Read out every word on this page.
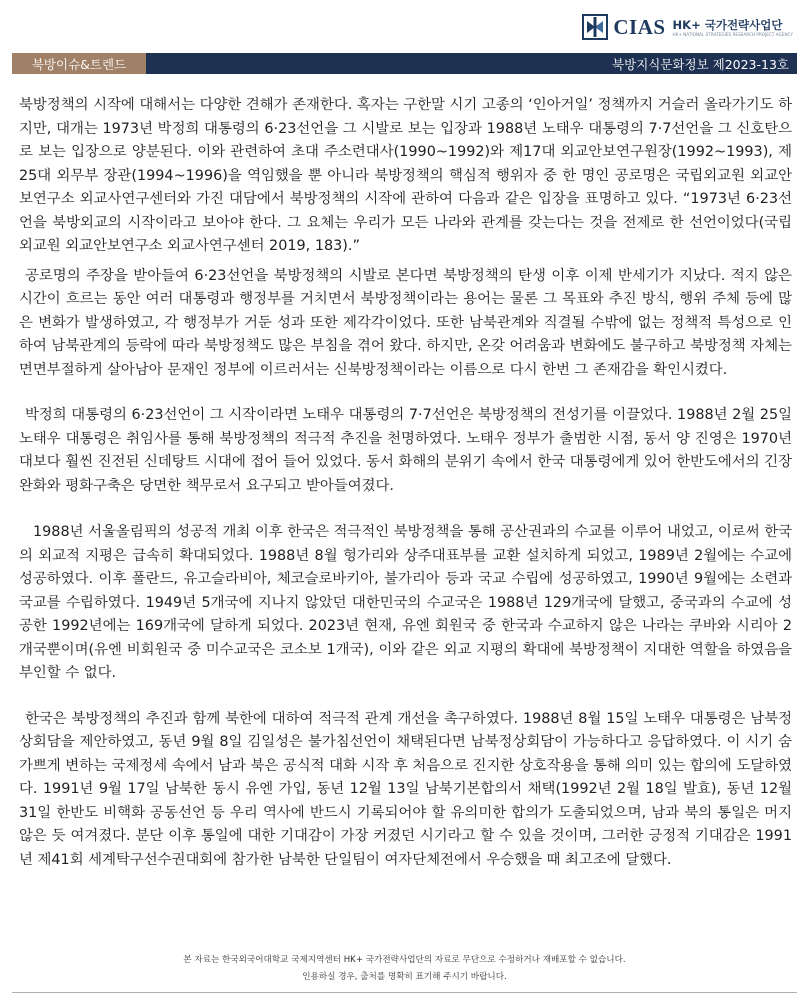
CIAS HK+ 국가전략사업단
HK+ NATIONAL STRATEGIES RESEARCH PROJECT AGENCY
북방이슈&트렌드	북방지식문화정보 제2023-13호

북방정책의 시작에 대해서는 다양한 견해가 존재한다. 혹자는 구한말 시기 고종의 ‘인아거일’ 정책까지 거슬러 올라가기도 하지만, 대개는 1973년 박정희 대통령의 6·23선언을 그 시발로 보는 입장과 1988년 노태우 대통령의 7·7선언을 그 신호탄으로 보는 입장으로 양분된다. 이와 관련하여 초대 주소련대사(1990~1992)와 제17대 외교안보연구원장(1992~1993), 제25대 외무부 장관(1994~1996)을 역임했을 뿐 아니라 북방정책의 핵심적 행위자 중 한 명인 공로명은 국립외교원 외교안보연구소 외교사연구센터와 가진 대담에서 북방정책의 시작에 관하여 다음과 같은 입장을 표명하고 있다. “1973년 6·23선언을 북방외교의 시작이라고 보아야 한다. 그 요체는 우리가 모든 나라와 관계를 갖는다는 것을 전제로 한 선언이었다(국립외교원 외교안보연구소 외교사연구센터 2019, 183).”

공로명의 주장을 받아들여 6·23선언을 북방정책의 시발로 본다면 북방정책의 탄생 이후 이제 반세기가 지났다. 적지 않은 시간이 흐르는 동안 여러 대통령과 행정부를 거치면서 북방정책이라는 용어는 물론 그 목표와 추진 방식, 행위 주체 등에 많은 변화가 발생하였고, 각 행정부가 거둔 성과 또한 제각각이었다. 또한 남북관계와 직결될 수밖에 없는 정책적 특성으로 인하여 남북관계의 등락에 따라 북방정책도 많은 부침을 겪어 왔다. 하지만, 온갖 어려움과 변화에도 불구하고 북방정책 자체는 면면부절하게 살아남아 문재인 정부에 이르러서는 신북방정책이라는 이름으로 다시 한번 그 존재감을 확인시켰다.

박정희 대통령의 6·23선언이 그 시작이라면 노태우 대통령의 7·7선언은 북방정책의 전성기를 이끌었다. 1988년 2월 25일 노태우 대통령은 취임사를 통해 북방정책의 적극적 추진을 천명하였다. 노태우 정부가 출범한 시점, 동서 양 진영은 1970년대보다 훨씬 진전된 신데탕트 시대에 접어 들어 있었다. 동서 화해의 분위기 속에서 한국 대통령에게 있어 한반도에서의 긴장 완화와 평화구축은 당면한 책무로서 요구되고 받아들여졌다.

1988년 서울올림픽의 성공적 개최 이후 한국은 적극적인 북방정책을 통해 공산권과의 수교를 이루어 내었고, 이로써 한국의 외교적 지평은 급속히 확대되었다. 1988년 8월 헝가리와 상주대표부를 교환 설치하게 되었고, 1989년 2월에는 수교에 성공하였다. 이후 폴란드, 유고슬라비아, 체코슬로바키아, 불가리아 등과 국교 수립에 성공하였고, 1990년 9월에는 소련과 국교를 수립하였다. 1949년 5개국에 지나지 않았던 대한민국의 수교국은 1988년 129개국에 달했고, 중국과의 수교에 성공한 1992년에는 169개국에 달하게 되었다. 2023년 현재, 유엔 회원국 중 한국과 수교하지 않은 나라는 쿠바와 시리아 2개국뿐이며(유엔 비회원국 중 미수교국은 코소보 1개국), 이와 같은 외교 지평의 확대에 북방정책이 지대한 역할을 하였음을 부인할 수 없다.

한국은 북방정책의 추진과 함께 북한에 대하여 적극적 관계 개선을 촉구하였다. 1988년 8월 15일 노태우 대통령은 남북정상회담을 제안하였고, 동년 9월 8일 김일성은 불가침선언이 채택된다면 남북정상회담이 가능하다고 응답하였다. 이 시기 숨 가쁘게 변하는 국제정세 속에서 남과 북은 공식적 대화 시작 후 처음으로 진지한 상호작용을 통해 의미 있는 합의에 도달하였다. 1991년 9월 17일 남북한 동시 유엔 가입, 동년 12월 13일 남북기본합의서 채택(1992년 2월 18일 발효), 동년 12월 31일 한반도 비핵화 공동선언 등 우리 역사에 반드시 기록되어야 할 유의미한 합의가 도출되었으며, 남과 북의 통일은 머지않은 듯 여겨졌다. 분단 이후 통일에 대한 기대감이 가장 커졌던 시기라고 할 수 있을 것이며, 그러한 긍정적 기대감은 1991년 제41회 세계탁구선수권대회에 참가한 남북한 단일팀이 여자단체전에서 우승했을 때 최고조에 달했다.

본 자료는 한국외국어대학교 국제지역센터 HK+ 국가전략사업단의 자료로 무단으로 수정하거나 재배포할 수 없습니다.
인용하실 경우, 출처를 명확히 표기해 주시기 바랍니다.
